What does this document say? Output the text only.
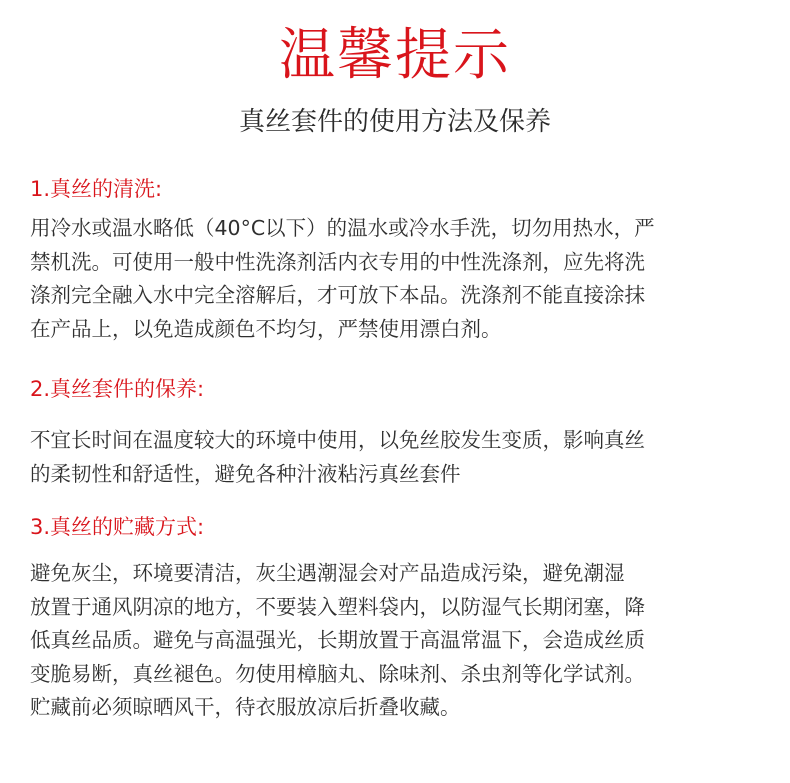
温馨提示
真丝套件的使用方法及保养
1.真丝的清洗:
用冷水或温水略低（40°C以下）的温水或冷水手洗，切勿用热水，严
禁机洗。可使用一般中性洗涤剂活内衣专用的中性洗涤剂，应先将洗
涤剂完全融入水中完全溶解后，才可放下本品。洗涤剂不能直接涂抹
在产品上，以免造成颜色不均匀，严禁使用漂白剂。
2.真丝套件的保养:
不宜长时间在温度较大的环境中使用，以免丝胶发生变质，影响真丝
的柔韧性和舒适性，避免各种汁液粘污真丝套件
3.真丝的贮藏方式:
避免灰尘，环境要清洁，灰尘遇潮湿会对产品造成污染，避免潮湿
放置于通风阴凉的地方，不要装入塑料袋内，以防湿气长期闭塞，降
低真丝品质。避免与高温强光，长期放置于高温常温下，会造成丝质
变脆易断，真丝褪色。勿使用樟脑丸、除味剂、杀虫剂等化学试剂。
贮藏前必须晾晒风干，待衣服放凉后折叠收藏。
